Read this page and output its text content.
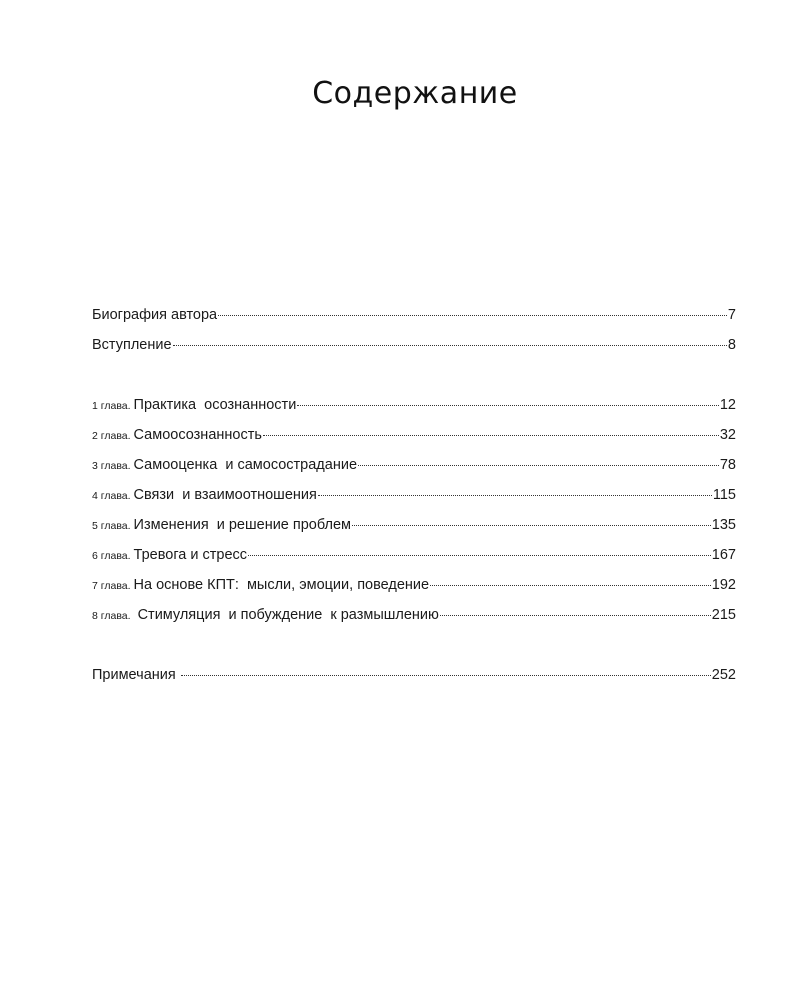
Содержание
Биография автора	7
Вступление	8
1 глава. Практика  осознанности	12
2 глава. Самоосознанность	32
3 глава. Самооценка  и самосострадание	78
4 глава. Связи  и взаимоотношения	115
5 глава. Изменения  и решение проблем	135
6 глава. Тревога и стресс	167
7 глава. На основе КПТ:  мысли, эмоции, поведение	192
8 глава. Стимуляция  и побуждение  к размышлению	215
Примечания	252
